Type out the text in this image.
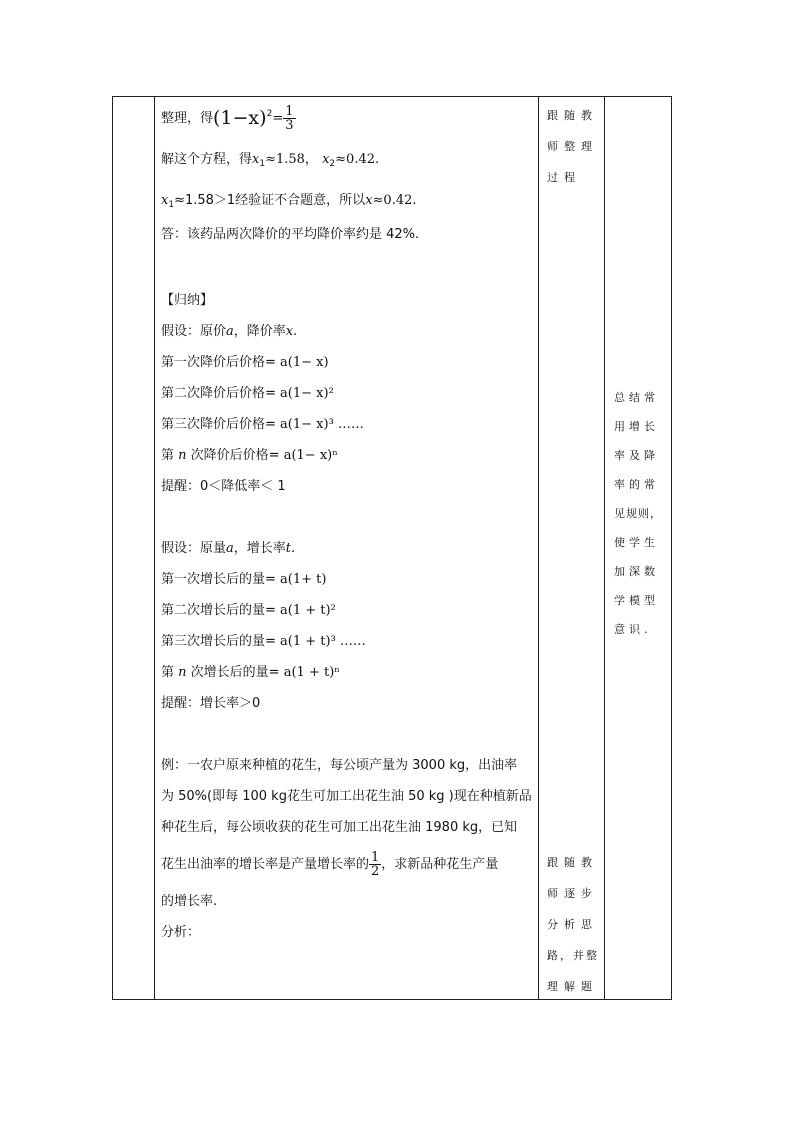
整理，得$(1-x)^2= \frac{1}{3}$
解这个方程，得$x_1\approx 1.58$， $x_2\approx 0.42$.
$x_1\approx 1.58>1$经验证不合题意，所以x≈0.42.
答：该药品两次降价的平均降价率约是 42%.
【归纳】
假设：原价a，降价率x.
第一次降价后价格= a(1− x)
第二次降价后价格= a(1− x)²
第三次降价后价格= a(1− x)³ ……
第 n 次降价后价格= a(1− x)ⁿ
提醒：0＜降低率＜ 1
假设：原量a，增长率t.
第一次增长后的量= a(1+ t)
第二次增长后的量= a(1 + t)²
第三次增长后的量= a(1 + t)³ ……
第 n 次增长后的量= a(1 + t)ⁿ
提醒：增长率＞0
例：一农户原来种植的花生，每公顷产量为 3000 kg，出油率
为 50%(即每 100 kg花生可加工出花生油 50 kg )现在种植新品
种花生后，每公顷收获的花生可加工出花生油 1980 kg，已知
花生出油率的增长率是产量增长率的 $\frac{1}{2}$ ，求新品种花生产量
的增长率.
分析：
跟随教
师整理
过程
跟随教
师逐步
分析思
路，并整
理解题
总结常
用增长
率及降
率的常
见规则，
使学生
加深数
学模型
意识.
